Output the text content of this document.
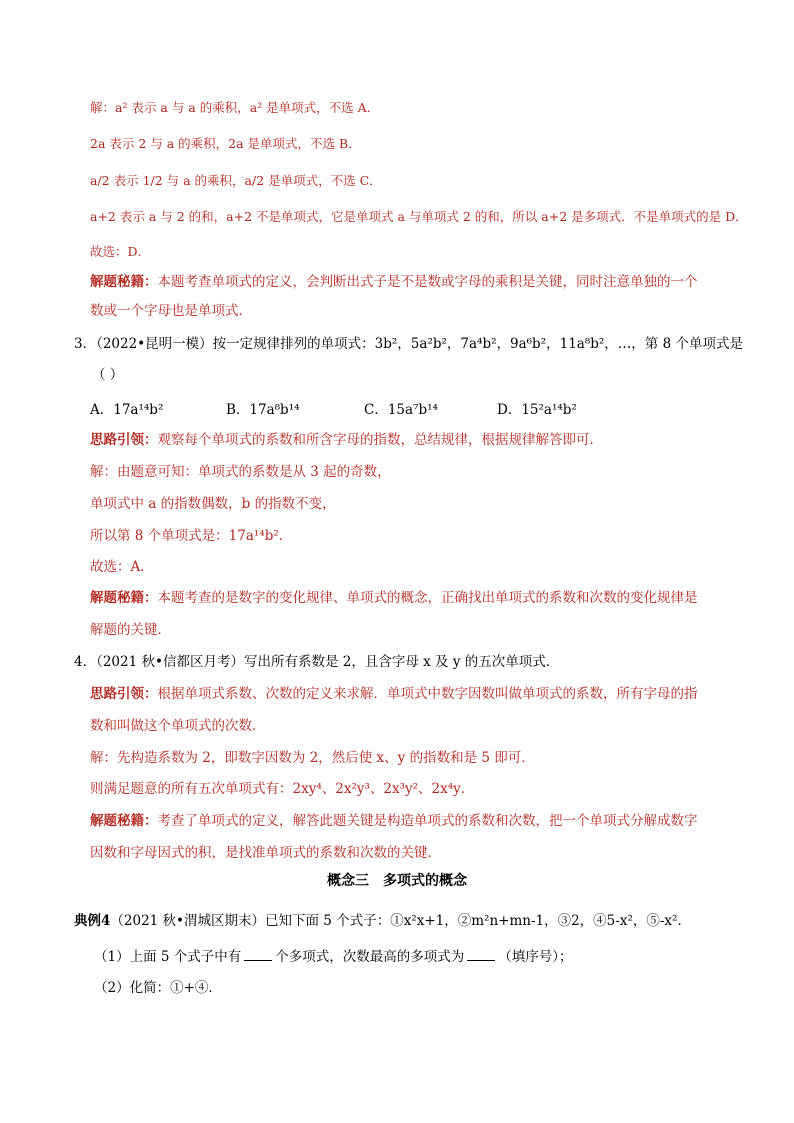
解：a² 表示 a 与 a 的乘积，a² 是单项式，不选 A．
2a 表示 2 与 a 的乘积，2a 是单项式，不选 B．
a/2 表示 1/2 与 a 的乘积，a/2 是单项式，不选 C．
a+2 表示 a 与 2 的和，a+2 不是单项式，它是单项式 a 与单项式 2 的和，所以 a+2 是多项式．不是单项式的是 D．
故选：D．
解题秘籍：本题考查单项式的定义，会判断出式子是不是数或字母的乘积是关键，同时注意单独的一个
数或一个字母也是单项式．
3．（2022•昆明一模）按一定规律排列的单项式：3b²，5a²b²，7a⁴b²，9a⁶b²，11a⁸b²，…，第 8 个单项式是
（ ）
A．17a¹⁴b²	B．17a⁸b¹⁴	C．15a⁷b¹⁴	D．15²a¹⁴b²
思路引领：观察每个单项式的系数和所含字母的指数，总结规律，根据规律解答即可．
解：由题意可知：单项式的系数是从 3 起的奇数，
单项式中 a 的指数偶数，b 的指数不变，
所以第 8 个单项式是：17a¹⁴b²．
故选：A．
解题秘籍：本题考查的是数字的变化规律、单项式的概念，正确找出单项式的系数和次数的变化规律是
解题的关键．
4．（2021 秋•信都区月考）写出所有系数是 2，且含字母 x 及 y 的五次单项式．
思路引领：根据单项式系数、次数的定义来求解．单项式中数字因数叫做单项式的系数，所有字母的指
数和叫做这个单项式的次数．
解：先构造系数为 2，即数字因数为 2，然后使 x、y 的指数和是 5 即可．
则满足题意的所有五次单项式有：2xy⁴、2x²y³、2x³y²、2x⁴y．
解题秘籍：考查了单项式的定义，解答此题关键是构造单项式的系数和次数，把一个单项式分解成数字
因数和字母因式的积，是找准单项式的系数和次数的关键．
概念三　多项式的概念
典例4（2021 秋•渭城区期末）已知下面 5 个式子：①x²x+1，②m²n+mn-1，③2，④5-x²，⑤-x²．
（1）上面 5 个式子中有	个多项式，次数最高的多项式为	（填序号）；
（2）化简：①+④．
